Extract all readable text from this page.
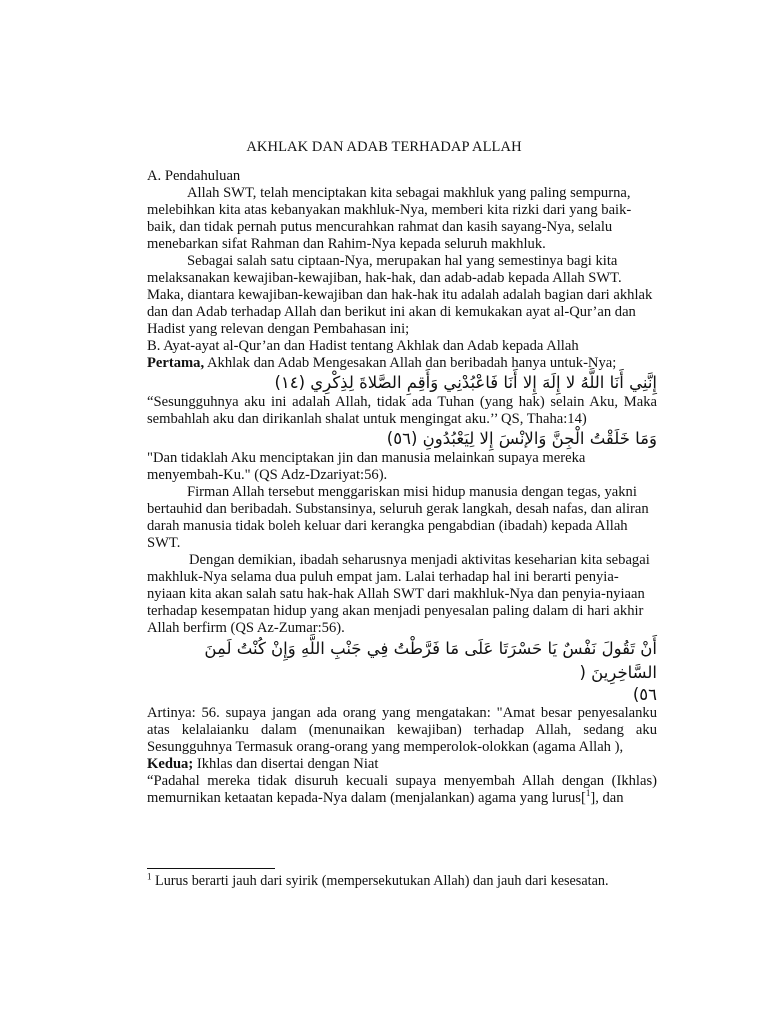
AKHLAK DAN ADAB TERHADAP ALLAH

A. Pendahuluan

Allah SWT, telah menciptakan kita sebagai makhluk yang paling sempurna, melebihkan kita atas kebanyakan makhluk-Nya, memberi kita rizki dari yang baik-baik, dan tidak pernah putus mencurahkan rahmat dan kasih sayang-Nya, selalu menebarkan sifat Rahman dan Rahim-Nya kepada seluruh makhluk.

Sebagai salah satu ciptaan-Nya, merupakan hal yang semestinya bagi kita melaksanakan kewajiban-kewajiban, hak-hak, dan adab-adab kepada Allah SWT. Maka, diantara kewajiban-kewajiban dan hak-hak itu adalah adalah bagian dari akhlak dan dan Adab terhadap Allah dan berikut ini akan di kemukakan ayat al-Qur’an dan Hadist yang relevan dengan Pembahasan ini;

B. Ayat-ayat al-Qur’an dan Hadist tentang Akhlak dan Adab kepada Allah

Pertama, Akhlak dan Adab Mengesakan Allah dan beribadah hanya untuk-Nya;

إِنَّنِي أَنَا اللَّهُ لا إِلَهَ إِلا أَنَا فَاعْبُدْنِي وَأَقِمِ الصَّلاةَ لِذِكْرِي (١٤)

“Sesungguhnya aku ini adalah Allah, tidak ada Tuhan (yang hak) selain Aku, Maka sembahlah aku dan dirikanlah shalat untuk mengingat aku.’’ QS, Thaha:14)

وَمَا خَلَقْتُ الْجِنَّ وَالإنْسَ إِلا لِيَعْبُدُونِ (٥٦)

"Dan tidaklah Aku menciptakan jin dan manusia melainkan supaya mereka menyembah-Ku." (QS Adz-Dzariyat:56).

Firman Allah tersebut menggariskan misi hidup manusia dengan tegas, yakni bertauhid dan beribadah. Substansinya, seluruh gerak langkah, desah nafas, dan aliran darah manusia tidak boleh keluar dari kerangka pengabdian (ibadah) kepada Allah SWT.

Dengan demikian, ibadah seharusnya menjadi aktivitas keseharian kita sebagai makhluk-Nya selama dua puluh empat jam. Lalai terhadap hal ini berarti penyia-nyiaan kita akan salah satu hak-hak Allah SWT dari makhluk-Nya dan penyia-nyiaan terhadap kesempatan hidup yang akan menjadi penyesalan paling dalam di hari akhir Allah berfirm (QS Az-Zumar:56).

أَنْ تَقُولَ نَفْسٌ يَا حَسْرَتَا عَلَى مَا فَرَّطْتُ فِي جَنْبِ اللَّهِ وَإِنْ كُنْتُ لَمِنَ السَّاخِرِينَ (

٥٦)

Artinya: 56. supaya jangan ada orang yang mengatakan: "Amat besar penyesalanku atas kelalaianku dalam (menunaikan kewajiban) terhadap Allah, sedang aku Sesungguhnya Termasuk orang-orang yang memperolok-olokkan (agama Allah ),

Kedua; Ikhlas dan disertai dengan Niat

“Padahal mereka tidak disuruh kecuali supaya menyembah Allah dengan (Ikhlas) memurnikan ketaatan kepada-Nya dalam (menjalankan) agama yang lurus[$^1$], dan

$^1$ Lurus berarti jauh dari syirik (mempersekutukan Allah) dan jauh dari kesesatan.
